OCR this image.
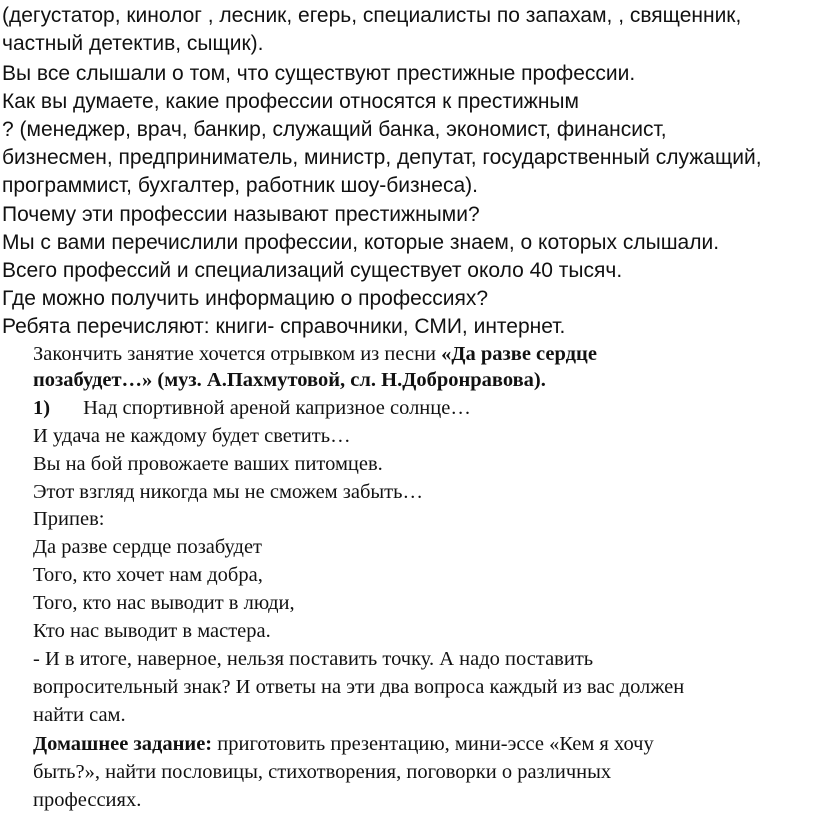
(дегустатор, кинолог , лесник, егерь, специалисты по запахам, , священник,

частный детектив, сыщик).

Вы все слышали о том, что существуют престижные профессии.

Как вы думаете, какие профессии относятся к престижным

? (менеджер, врач, банкир, служащий банка, экономист, финансист,

бизнесмен, предприниматель, министр, депутат, государственный служащий,

программист, бухгалтер, работник шоу-бизнеса).

Почему эти профессии называют престижными?

Мы с вами перечислили профессии, которые знаем, о которых слышали.

Всего профессий и специализаций существует около 40 тысяч.

Где можно получить информацию о профессиях?

Ребята перечисляют: книги- справочники, СМИ, интернет.

Закончить занятие хочется отрывком из песни «Да разве сердце

позабудет…» (муз. А.Пахмутовой, сл. Н.Добронравова).

1) Над спортивной ареной капризное солнце…

И удача не каждому будет светить…

Вы на бой провожаете ваших питомцев.

Этот взгляд никогда мы не сможем забыть…

Припев:

Да разве сердце позабудет

Того, кто хочет нам добра,

Того, кто нас выводит в люди,

Кто нас выводит в мастера.

- И в итоге, наверное, нельзя поставить точку. А надо поставить

вопросительный знак? И ответы на эти два вопроса каждый из вас должен

найти сам.

Домашнее задание: приготовить презентацию, мини-эссе «Кем я хочу

быть?», найти пословицы, стихотворения, поговорки о различных

профессиях.
